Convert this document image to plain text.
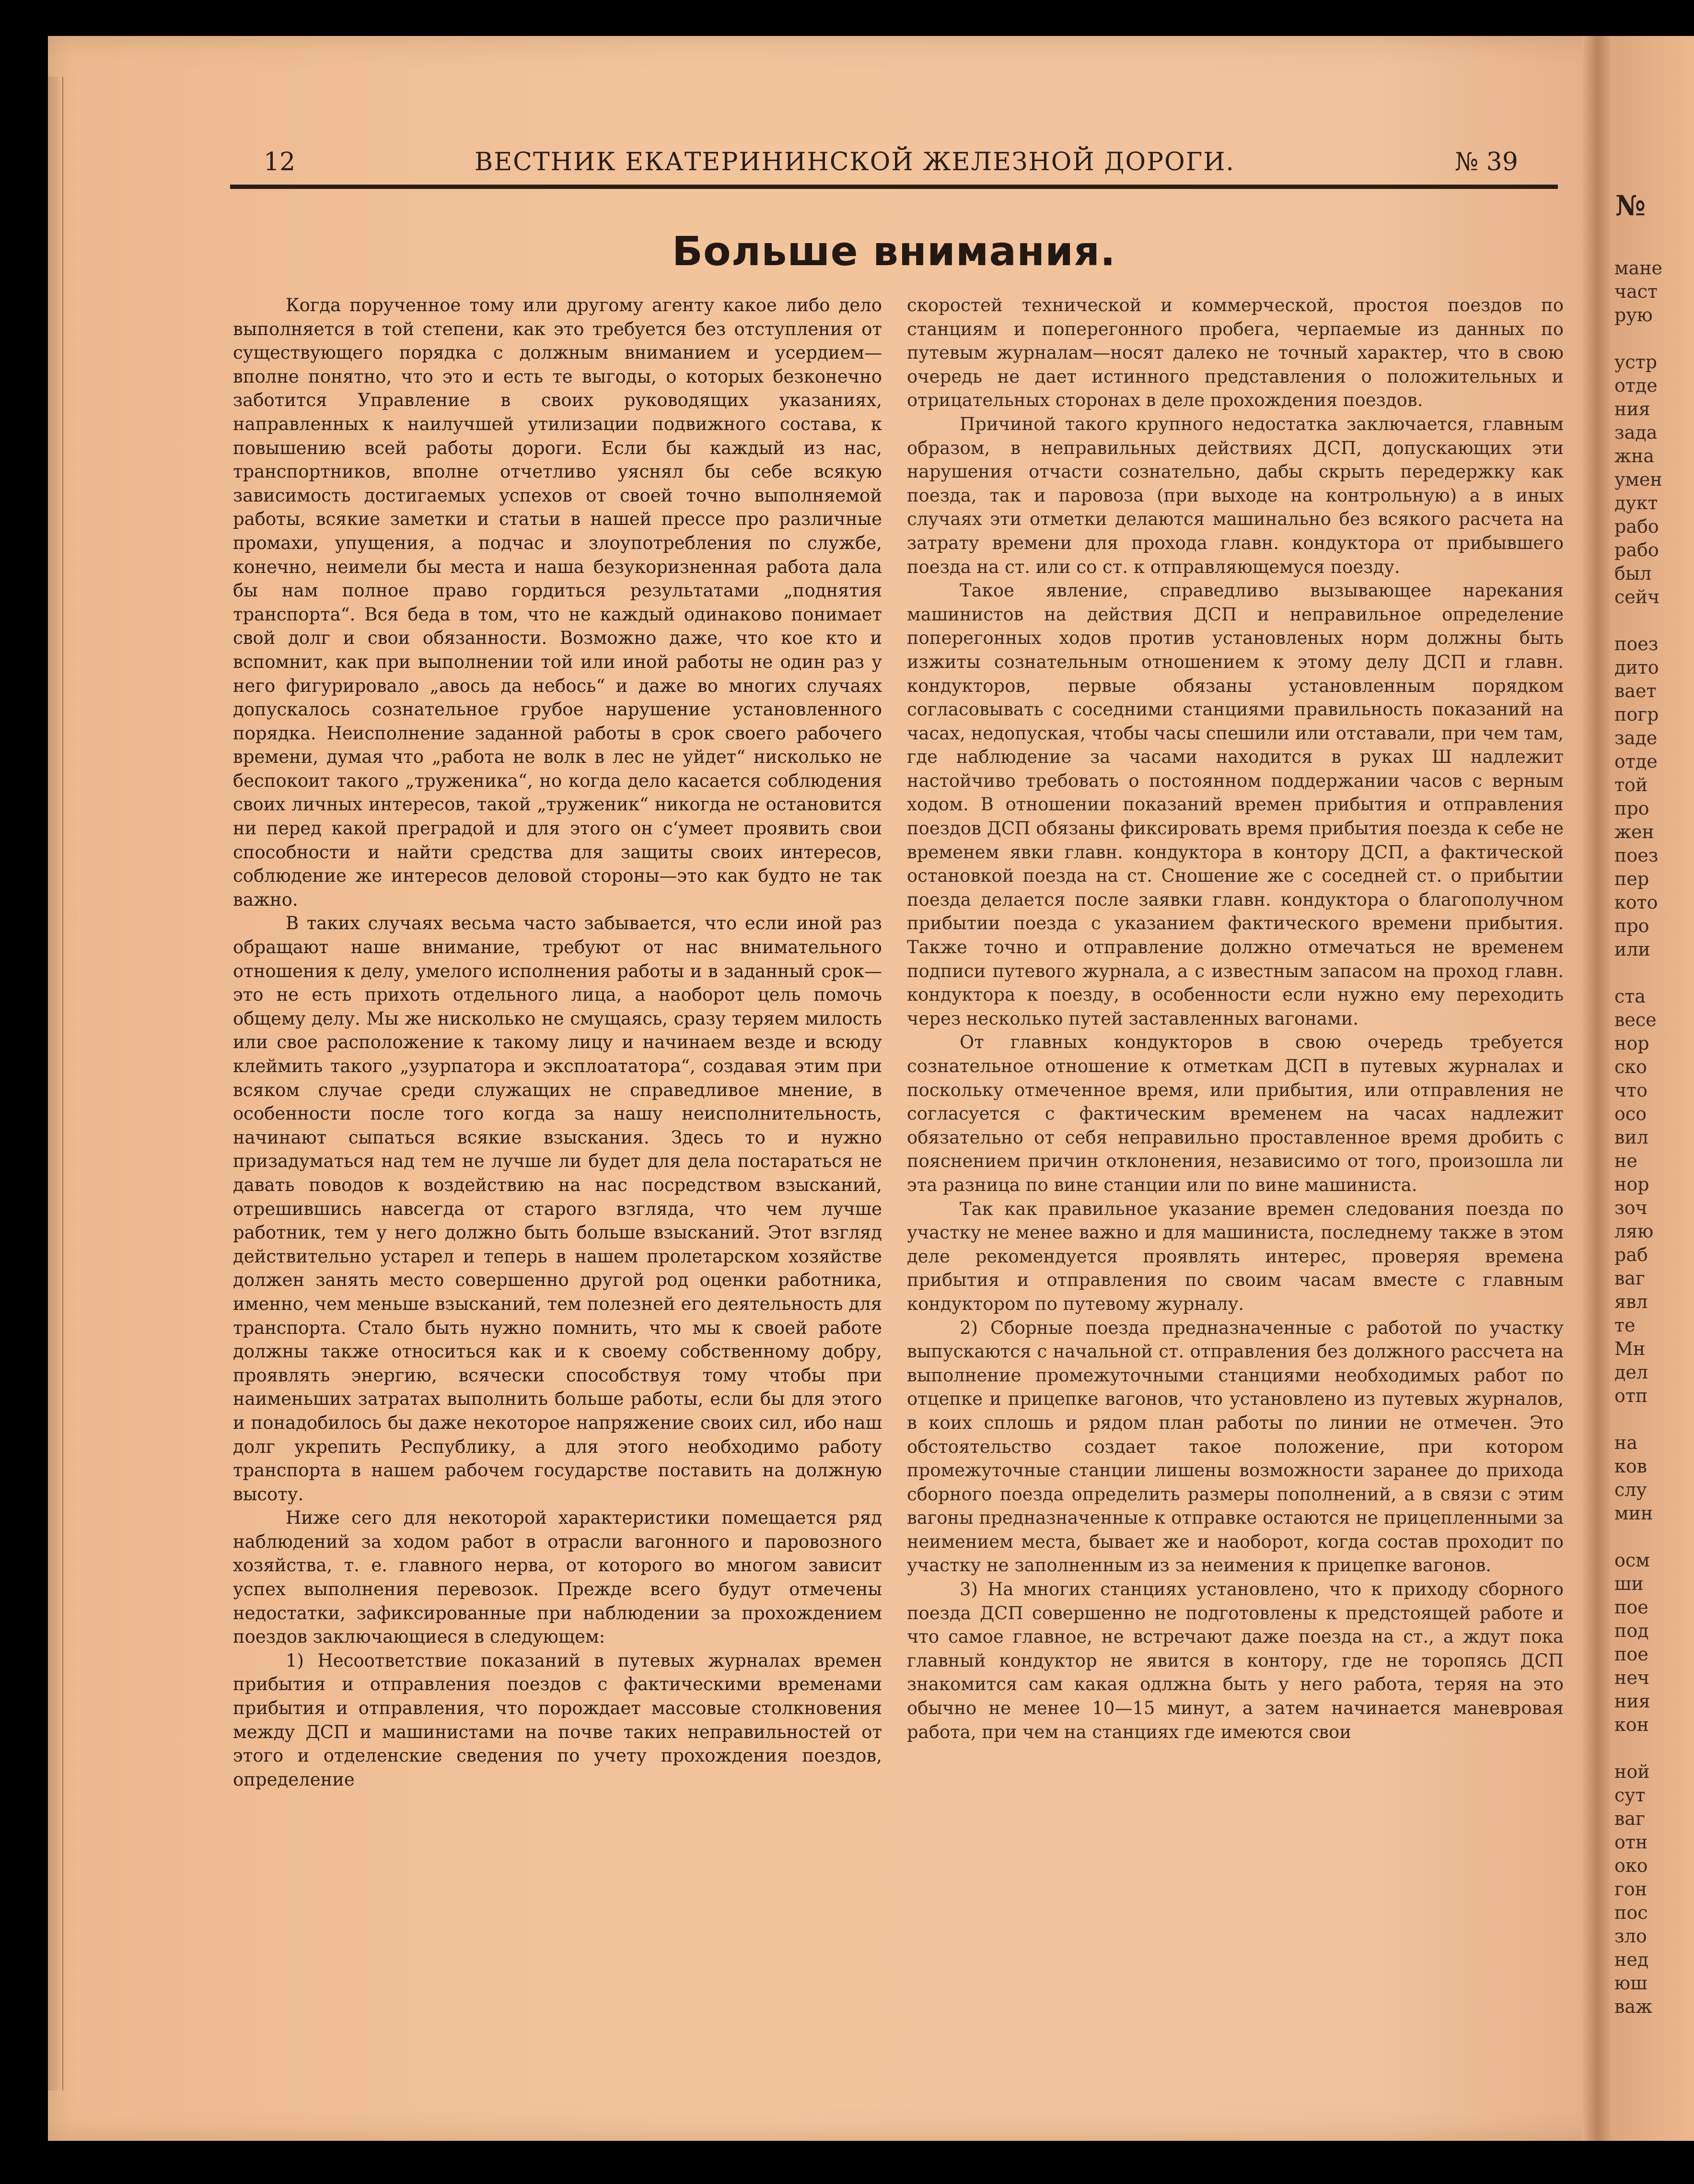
№
мане
част
рую

устр
отде
ния
зада
жна
умен
дукт
рабо
рабо
был
сейч

поез
дито
вает
погр
заде
отде
той
про
жен
поез
пер
кото
про
или

ста
весе
нор
ско
что
осо
вил
не
нор
зоч
ляю
раб
ваг
явл
те
Мн
дел
отп

на
ков
слу
мин

осм
ши
пое
под
пое
неч
ния
кон

ной
сут
ваг
отн
око
гон
пос
зло
нед
юш
важ
12	ВЕСТНИК ЕКАТЕРИНИНСКОЙ ЖЕЛЕЗНОЙ ДОРОГИ.	№ 39
Больше внимания.

Когда порученное тому или другому агенту какое либо дело выполняется в той степени, как это требуется без отступления от существующего порядка с должным вниманием и усердием—вполне понятно, что это и есть те выгоды, о которых безконечно заботится Управление в своих руководящих указаниях, направленных к наилучшей утилизации подвижного состава, к повышению всей работы дороги. Если бы каждый из нас, транспортников, вполне отчетливо уяснял бы себе всякую зависимость достигаемых успехов от своей точно выполняемой работы, всякие заметки и статьи в нашей прессе про различные промахи, упущения, а подчас и злоупотребления по службе, конечно, неимели бы места и наша безукоризненная работа дала бы нам полное право гордиться результатами „поднятия транспорта“. Вся беда в том, что не каждый одинаково понимает свой долг и свои обязанности. Возможно даже, что кое кто и вспомнит, как при выполнении той или иной работы не один раз у него фигурировало „авось да небось“ и даже во многих случаях допускалось сознательное грубое нарушение установленного порядка. Неисполнение заданной работы в срок своего рабочего времени, думая что „работа не волк в лес не уйдет“ нисколько не беспокоит такого „труженика“, но когда дело касается соблюдения своих личных интересов, такой „труженик“ никогда не остановится ни перед какой преградой и для этого он с‘умеет проявить свои способности и найти средства для защиты своих интересов, соблюдение же интересов деловой стороны—это как будто не так важно.

В таких случаях весьма часто забывается, что если иной раз обращают наше внимание, требуют от нас внимательного отношения к делу, умелого исполнения работы и в заданный срок—это не есть прихоть отдельного лица, а наоборот цель помочь общему делу. Мы же нисколько не смущаясь, сразу теряем милость или свое расположение к такому лицу и начинаем везде и всюду клеймить такого „узурпатора и эксплоататора“, создавая этим при всяком случае среди служащих не справедливое мнение, в особенности после того когда за нашу неисполнительность, начинают сыпаться всякие взыскания. Здесь то и нужно призадуматься над тем не лучше ли будет для дела постараться не давать поводов к воздействию на нас посредством взысканий, отрешившись навсегда от старого взгляда, что чем лучше работник, тем у него должно быть больше взысканий. Этот взгляд действительно устарел и теперь в нашем пролетарском хозяйстве должен занять место совершенно другой род оценки работника, именно, чем меньше взысканий, тем полезней его деятельность для транспорта. Стало быть нужно помнить, что мы к своей работе должны также относиться как и к своему собственному добру, проявлять энергию, всячески способствуя тому чтобы при наименьших затратах выполнить больше работы, если бы для этого и понадобилось бы даже некоторое напряжение своих сил, ибо наш долг укрепить Республику, а для этого необходимо работу транспорта в нашем рабочем государстве поставить на должную высоту.

Ниже сего для некоторой характеристики помещается ряд наблюдений за ходом работ в отрасли вагонного и паровозного хозяйства, т. е. главного нерва, от которого во многом зависит успех выполнения перевозок. Прежде всего будут отмечены недостатки, зафиксированные при наблюдении за прохождением поездов заключающиеся в следующем:

1) Несоответствие показаний в путевых журналах времен прибытия и отправления поездов с фактическими временами прибытия и отправления, что порождает массовые столкновения между ДСП и машинистами на почве таких неправильностей от этого и отделенские сведения по учету прохождения поездов, определение

скоростей технической и коммерческой, простоя поездов по станциям и поперегонного пробега, черпаемые из данных по путевым журналам—носят далеко не точный характер, что в свою очередь не дает истинного представления о положительных и отрицательных сторонах в деле прохождения поездов.

Причиной такого крупного недостатка заключается, главным образом, в неправильных действиях ДСП, допускающих эти нарушения отчасти сознательно, дабы скрыть передержку как поезда, так и паровоза (при выходе на контрольную) а в иных случаях эти отметки делаются машинально без всякого расчета на затрату времени для прохода главн. кондуктора от прибывшего поезда на ст. или со ст. к отправляющемуся поезду.

Такое явление, справедливо вызывающее нарекания машинистов на действия ДСП и неправильное определение поперегонных ходов против установленых норм должны быть изжиты сознательным отношением к этому делу ДСП и главн. кондукторов, первые обязаны установленным порядком согласовывать с соседними станциями правильность показаний на часах, недопуская, чтобы часы спешили или отставали, при чем там, где наблюдение за часами находится в руках Ш надлежит настойчиво требовать о постоянном поддержании часов с верным ходом. В отношении показаний времен прибытия и отправления поездов ДСП обязаны фиксировать время прибытия поезда к себе не временем явки главн. кондуктора в контору ДСП, а фактической остановкой поезда на ст. Сношение же с соседней ст. о прибытии поезда делается после заявки главн. кондуктора о благополучном прибытии поезда с указанием фактического времени прибытия. Также точно и отправление должно отмечаться не временем подписи путевого журнала, а с известным запасом на проход главн. кондуктора к поезду, в особенности если нужно ему переходить через несколько путей заставленных вагонами.

От главных кондукторов в свою очередь требуется сознательное отношение к отметкам ДСП в путевых журналах и поскольку отмеченное время, или прибытия, или отправления не согласуется с фактическим временем на часах надлежит обязательно от себя неправильно проставленное время дробить с пояснением причин отклонения, независимо от того, произошла ли эта разница по вине станции или по вине машиниста.

Так как правильное указание времен следования поезда по участку не менее важно и для машиниста, последнему также в этом деле рекомендуется проявлять интерес, проверяя времена прибытия и отправления по своим часам вместе с главным кондуктором по путевому журналу.

2) Сборные поезда предназначенные с работой по участку выпускаются с начальной ст. отправления без должного рассчета на выполнение промежуточными станциями необходимых работ по отцепке и прицепке вагонов, что установлено из путевых журналов, в коих сплошь и рядом план работы по линии не отмечен. Это обстоятельство создает такое положение, при котором промежуточные станции лишены возможности заранее до прихода сборного поезда определить размеры пополнений, а в связи с этим вагоны предназначенные к отправке остаются не прицепленными за неимением места, бывает же и наоборот, когда состав проходит по участку не заполненным из за неимения к прицепке вагонов.

3) На многих станциях установлено, что к приходу сборного поезда ДСП совершенно не подготовлены к предстоящей работе и что самое главное, не встречают даже поезда на ст., а ждут пока главный кондуктор не явится в контору, где не торопясь ДСП знакомится сам какая одлжна быть у него работа, теряя на это обычно не менее 10—15 минут, а затем начинается маневровая работа, при чем на станциях где имеются свои
